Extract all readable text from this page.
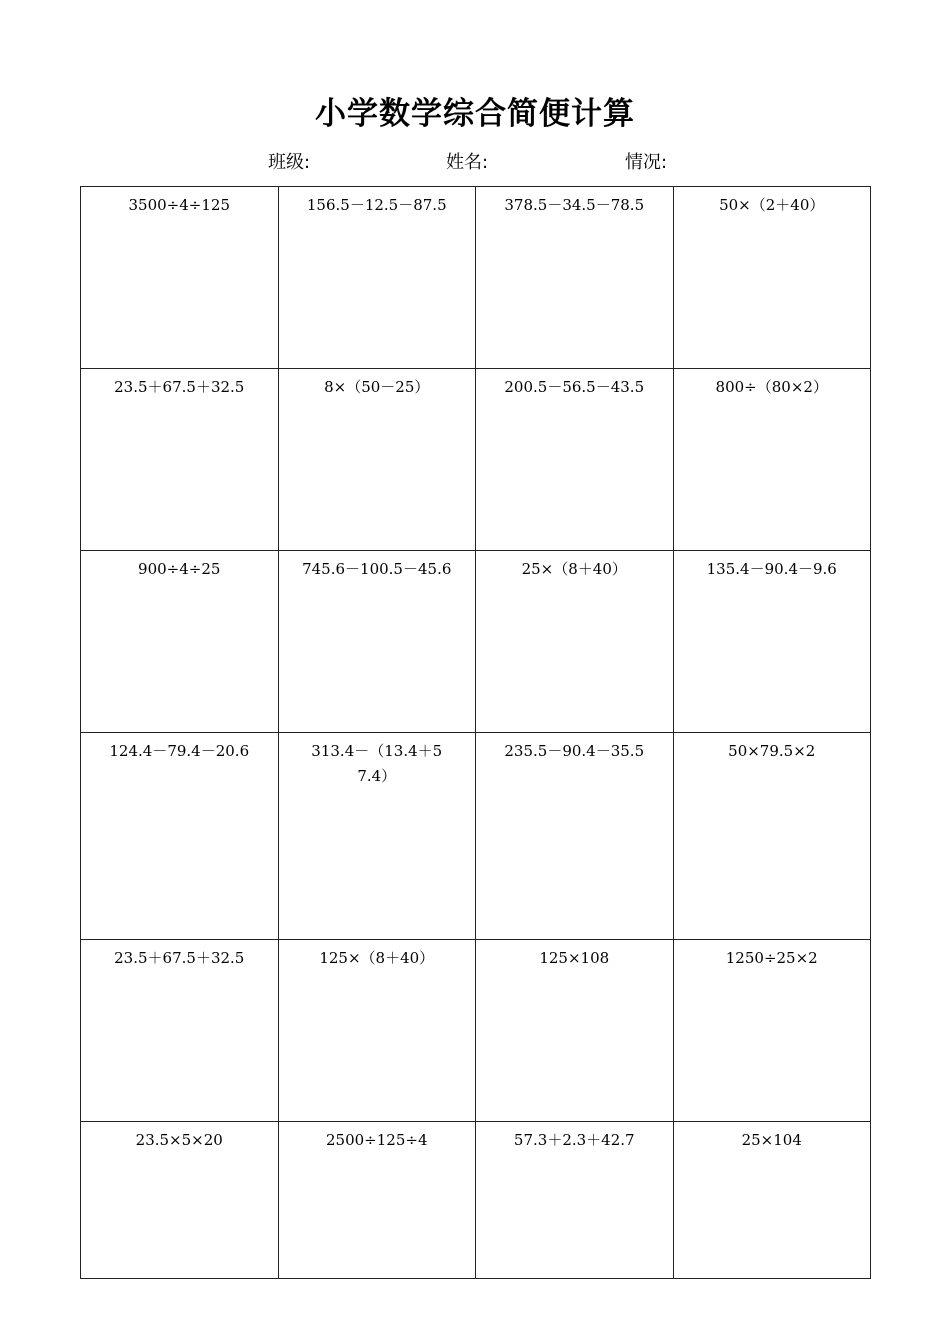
小学数学综合简便计算
班级:	姓名:	情况:
3500÷4÷125	156.5－12.5－87.5	378.5－34.5－78.5	50×（2＋40）
23.5＋67.5＋32.5	8×（50－25）	200.5－56.5－43.5	800÷（80×2）
900÷4÷25	745.6－100.5－45.6	25×（8＋40）	135.4－90.4－9.6
124.4－79.4－20.6	313.4－（13.4＋57.4）	235.5－90.4－35.5	50×79.5×2
23.5＋67.5＋32.5	125×（8＋40）	125×108	1250÷25×2
23.5×5×20	2500÷125÷4	57.3＋2.3＋42.7	25×104
